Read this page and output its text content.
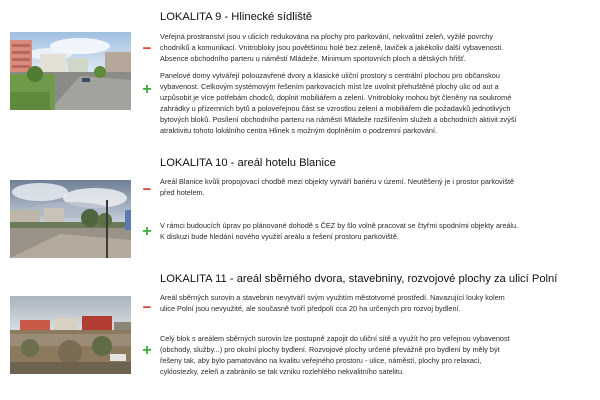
LOKALITA 9 - Hlinecké sídliště
−

Veřejná prostranství jsou v ulicích redukována na plochy pro parkování, nekvalitní zeleň, vyžilé povrchy
chodníků a komunikací. Vnitrobloky jsou povětšinou holé bez zeleně, laviček a jakékoliv další vybavenosti.
Absence obchodního parteru u náměstí Mládeže. Minimum sportovních ploch a dětských hřišť.

+

Panelové domy vytvářejí polouzavřené dvory a klasické uliční prostory s centrální plochou pro občanskou
vybavenost. Celkovým systémovým řešením parkovacích míst lze uvolnit přehuštěné plochy ulic od aut a
uzpůsobit je více potřebám chodců, doplnit mobiliářem a zelení. Vnitrobloky mohou být členěny na soukromé
zahrádky u přízemních bytů a poloveřejnou část se vzrostlou zelení a mobiliářem dle požadavků jednotlivých
bytových bloků. Posílení obchodního parteru na náměstí Mládeže rozšířením služeb a obchodních aktivit zvýší
atraktivitu tohoto lokálního centra Hlinek s možným doplněním o podzemní parkování.

LOKALITA 10 - areál hotelu Blanice
− Areál Blanice kvůli propojovací chodbě mezi objekty vytváří bariéru v území. Neutěšený je i prostor parkoviště
před hotelem.

+ V rámci budoucích úprav po plánované dohodě s ČEZ by šlo volně pracovat se čtyřmi spodními objekty areálu.
K diskuzi bude hledání nového využití areálu a řešení prostoru parkoviště.

LOKALITA 11 - areál sběrného dvora, stavebniny, rozvojové plochy za ulicí Polní
−

Areál sběrných surovin a stavebnin nevytváří svým využitím městotvorné prostředí. Navazující louky kolem
ulice Polní jsou nevyužité, ale současně tvoří předpolí cca 20 ha určených pro rozvoj bydlení.

+

Celý blok s areálem sběrných surovin lze postupně zapojit do uliční sítě a využít ho pro veřejnou vybavenost
(obchody, služby...) pro okolní plochy bydlení. Rozvojové plochy určené převážně pro bydlení by měly být
řešeny tak, aby bylo pamatováno na kvalitu veřejného prostoru - ulice, náměstí, plochy pro relaxaci,
cyklostezky, zeleň a zabránilo se tak vzniku rozlehlého nekvalitního satelitu.
